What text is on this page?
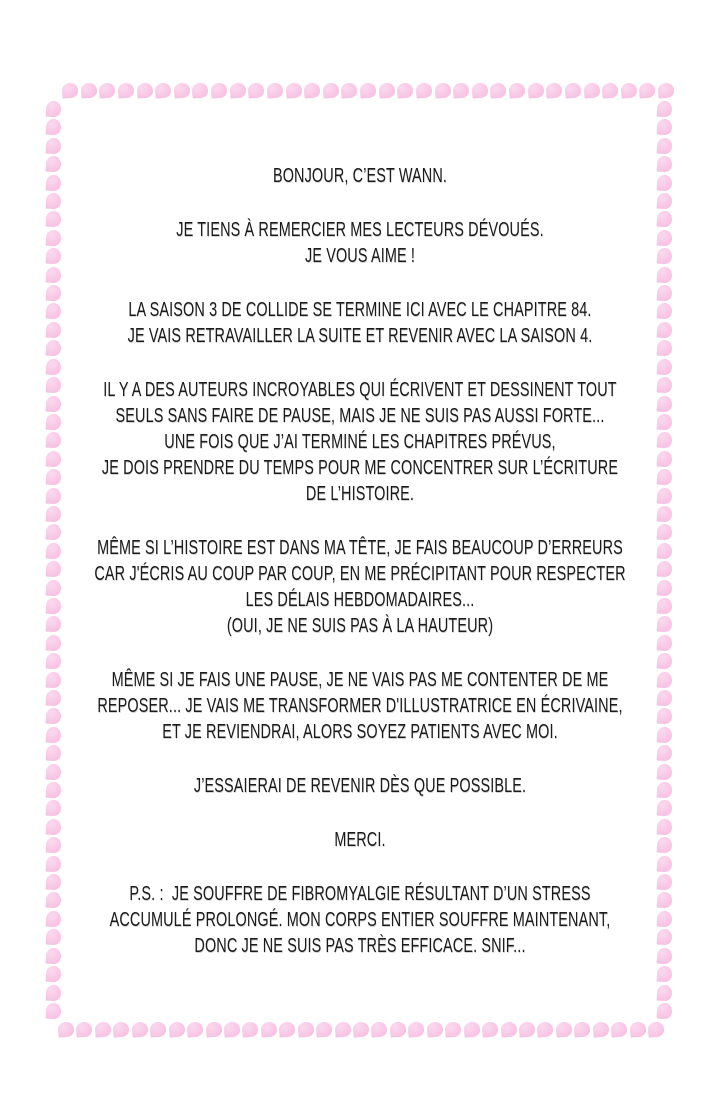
BONJOUR, C’EST WANN.

JE TIENS À REMERCIER MES LECTEURS DÉVOUÉS.
JE VOUS AIME !

LA SAISON 3 DE COLLIDE SE TERMINE ICI AVEC LE CHAPITRE 84.
JE VAIS RETRAVAILLER LA SUITE ET REVENIR AVEC LA SAISON 4.

IL Y A DES AUTEURS INCROYABLES QUI ÉCRIVENT ET DESSINENT TOUT
SEULS SANS FAIRE DE PAUSE, MAIS JE NE SUIS PAS AUSSI FORTE...
UNE FOIS QUE J’AI TERMINÉ LES CHAPITRES PRÉVUS,
JE DOIS PRENDRE DU TEMPS POUR ME CONCENTRER SUR L’ÉCRITURE
DE L’HISTOIRE.

MÊME SI L’HISTOIRE EST DANS MA TÊTE, JE FAIS BEAUCOUP D’ERREURS
CAR J'ÉCRIS AU COUP PAR COUP, EN ME PRÉCIPITANT POUR RESPECTER
LES DÉLAIS HEBDOMADAIRES...
(OUI, JE NE SUIS PAS À LA HAUTEUR)

MÊME SI JE FAIS UNE PAUSE, JE NE VAIS PAS ME CONTENTER DE ME
REPOSER... JE VAIS ME TRANSFORMER D'ILLUSTRATRICE EN ÉCRIVAINE,
ET JE REVIENDRAI, ALORS SOYEZ PATIENTS AVEC MOI.

J’ESSAIERAI DE REVENIR DÈS QUE POSSIBLE.

MERCI.

P.S. :  JE SOUFFRE DE FIBROMYALGIE RÉSULTANT D’UN STRESS
ACCUMULÉ PROLONGÉ. MON CORPS ENTIER SOUFFRE MAINTENANT,
DONC JE NE SUIS PAS TRÈS EFFICACE. SNIF...
